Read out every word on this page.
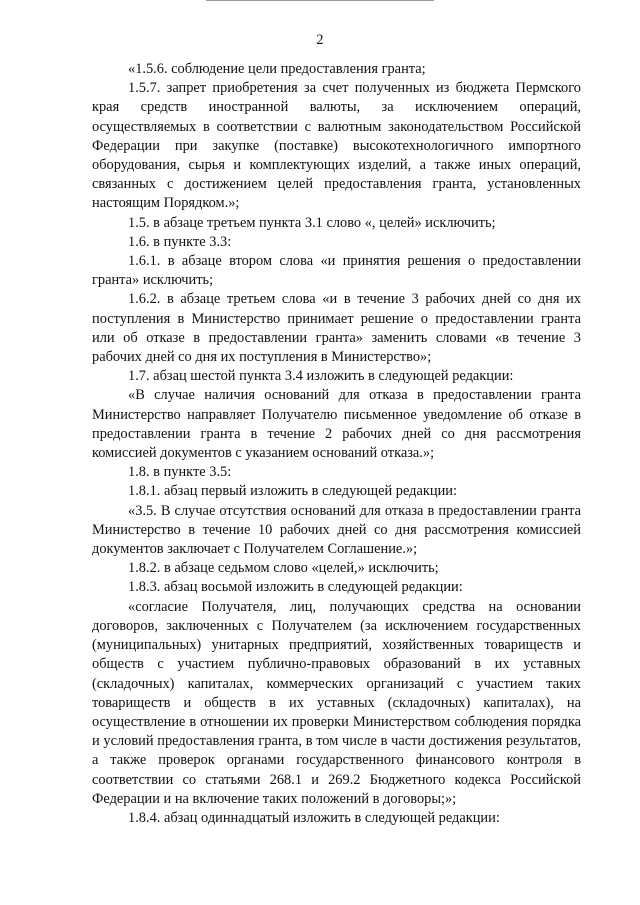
2

«1.5.6. соблюдение цели предоставления гранта;

1.5.7. запрет приобретения за счет полученных из бюджета Пермского края средств иностранной валюты, за исключением операций, осуществляемых в соответствии с валютным законодательством Российской Федерации при закупке (поставке) высокотехнологичного импортного оборудования, сырья и комплектующих изделий, а также иных операций, связанных с достижением целей предоставления гранта, установленных настоящим Порядком.»;

1.5. в абзаце третьем пункта 3.1 слово «, целей» исключить;

1.6. в пункте 3.3:

1.6.1. в абзаце втором слова «и принятия решения о предоставлении гранта» исключить;

1.6.2. в абзаце третьем слова «и в течение 3 рабочих дней со дня их поступления в Министерство принимает решение о предоставлении гранта или об отказе в предоставлении гранта» заменить словами «в течение 3 рабочих дней со дня их поступления в Министерство»;

1.7. абзац шестой пункта 3.4 изложить в следующей редакции:

«В случае наличия оснований для отказа в предоставлении гранта Министерство направляет Получателю письменное уведомление об отказе в предоставлении гранта в течение 2 рабочих дней со дня рассмотрения комиссией документов с указанием оснований отказа.»;

1.8. в пункте 3.5:

1.8.1. абзац первый изложить в следующей редакции:

«3.5. В случае отсутствия оснований для отказа в предоставлении гранта Министерство в течение 10 рабочих дней со дня рассмотрения комиссией документов заключает с Получателем Соглашение.»;

1.8.2. в абзаце седьмом слово «целей,» исключить;

1.8.3. абзац восьмой изложить в следующей редакции:

«согласие Получателя, лиц, получающих средства на основании договоров, заключенных с Получателем (за исключением государственных (муниципальных) унитарных предприятий, хозяйственных товариществ и обществ с участием публично-правовых образований в их уставных (складочных) капиталах, коммерческих организаций с участием таких товариществ и обществ в их уставных (складочных) капиталах), на осуществление в отношении их проверки Министерством соблюдения порядка и условий предоставления гранта, в том числе в части достижения результатов, а также проверок органами государственного финансового контроля в соответствии со статьями 268.1 и 269.2 Бюджетного кодекса Российской Федерации и на включение таких положений в договоры;»;

1.8.4. абзац одиннадцатый изложить в следующей редакции:
